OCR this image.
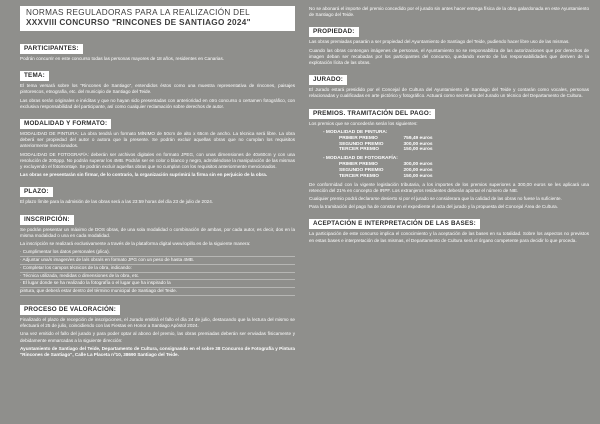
NORMAS REGULADORAS PARA LA REALIZACIÓN DEL
XXXVIII CONCURSO "RINCONES DE SANTIAGO 2024"
PARTICIPANTES:

Podrán concurrir en este concurso todas las personas mayores de 18 años, residentes en Canarias.

TEMA:

El tema versará sobre los "Rincones de Santiago", entendidos éstos como una muestra representativa de rincones, paisajes pintorescos, etnografía, etc. del municipio de Santiago del Teide.

Las obras serán originales e inéditas y que no hayan sido presentadas con anterioridad en otro concurso o certamen fotográfico, con exclusiva responsabilidad del participante, así como cualquier reclamación sobre derechos de autor.

MODALIDAD Y FORMATO:

MODALIDAD DE PINTURA: La obra tendrá un formato MÍNIMO de 50cm de alto x 65cm de ancho. La técnica será libre. La obra deberá ser propiedad del autor o autora que la presente. Se podrán excluir aquellas obras que no cumplan los requisitos anteriormente mencionados.

MODALIDAD DE FOTOGRAFÍA: deberán ser archivos digitales en formato JPEG, con unas dimensiones de 40x60cm y con una resolución de 300ppp. No podrán superar los 4MB. Podrán ser en color o blanco y negro, admitiéndose la manipulación de las mismas y excluyendo el fotomontaje. Se podrán excluir aquellas obras que no cumplan con los requisitos anteriormente mencionados.

Las obras se presentarán sin firmar, de lo contrario, la organización suprimirá la firma sin en perjuicio de la obra.

PLAZO:

El plazo límite para la admisión de las obras será a las 23:59 horas del día 23 de julio de 2024.

INSCRIPCIÓN:

Se podrán presentar un máximo de DOS obras, de una sola modalidad o combinación de ambas, por cada autor, es decir, dos en la misma modalidad o una en cada modalidad.

La inscripción se realizará exclusivamente a través de la plataforma digital www.lopillo.es de la siguiente manera:

· Cumplimentar los datos personales (plica).
· Adjuntar una/s imagen/es de la/s obra/s en formato JPG con un peso de hasta 4MB.
· Completar los campos técnicos de la obra, indicando:
· Técnica utilizada, medidas o dimensiones de la obra, etc.
· El lugar donde se ha realizado la fotografía o el lugar que ha inspirado la
pintura, que deberá estar dentro del término municipal de Santiago del Teide.
PROCESO DE VALORACIÓN:

Finalizado el plazo de recepción de inscripciones, el Jurado emitirá el fallo el día 24 de julio, destacando que la lectura del mismo se efectuará el 25 de julio, coincidiendo con las Fiestas en Honor a Santiago Apóstol 2024.

Una vez emitido el fallo del jurado y para poder optar al abono del premio, las obras premiadas deberán ser enviadas físicamente y debidamente enmarcadas a la siguiente dirección:

Ayuntamiento de Santiago del Teide, Departamento de Cultura, consignando en el sobre 38 Concurso de Fotografía y Pintura "Rincones de Santiago", Calle La Placeta nº10, 38690 Santiago del Teide.

No se abonará el importe del premio concedido por el jurado sin antes hacer entrega física de la obra galardonada en este Ayuntamiento de Santiago del Teide.

PROPIEDAD:

Las obras premiadas pasarán a ser propiedad del Ayuntamiento de Santiago del Teide, pudiendo hacer libre uso de las mismas.

Cuando las obras contengan imágenes de personas, el Ayuntamiento no se responsabiliza de las autorizaciones que por derechos de imagen deban ser recabadas por los participantes del concurso, quedando exento de las responsabilidades que deriven de la explotación lícita de las obras.

JURADO:

El Jurado estará presidido por el Concejal de Cultura del Ayuntamiento de Santiago del Teide y contarán como vocales, personas relacionadas y cualificadas en arte pictórico y fotográfico. Actuará como secretario del Jurado un técnico del Departamento de Cultura.

PREMIOS. TRAMITACIÓN DEL PAGO:

Los premios que se concederán serán los siguientes:

- MODALIDAD DE PINTURA:
PRIMER PREMIO	759,49 euros
SEGUNDO PREMIO	300,00 euros
TERCER PREMIO	150,00 euros
- MODALIDAD DE FOTOGRAFÍA:
PRIMER PREMIO	300,00 euros
SEGUNDO PREMIO	200,00 euros
TERCER PREMIO	150,00 euros

De conformidad con la vigente legislación tributaria, a los importes de los premios superiores a 300,00 euros se les aplicará una retención del 21% en concepto de IRPF. Los extranjeros residentes deberán aportar el número de NIE.

Cualquier premio podrá declararse desierto si por el jurado se considerara que la calidad de las obras no fuese la suficiente.

Para la tramitación del pago ha de constar en el expediente el acta del jurado y la propuesta del Concejal Área de Cultura.

ACEPTACIÓN E INTERPRETACIÓN DE LAS BASES:

La participación de este concurso implica el conocimiento y la aceptación de las bases en su totalidad. Sobre los aspectos no previstos en estas bases e interpretación de las mismas, el Departamento de Cultura será el órgano competente para decidir lo que proceda.
